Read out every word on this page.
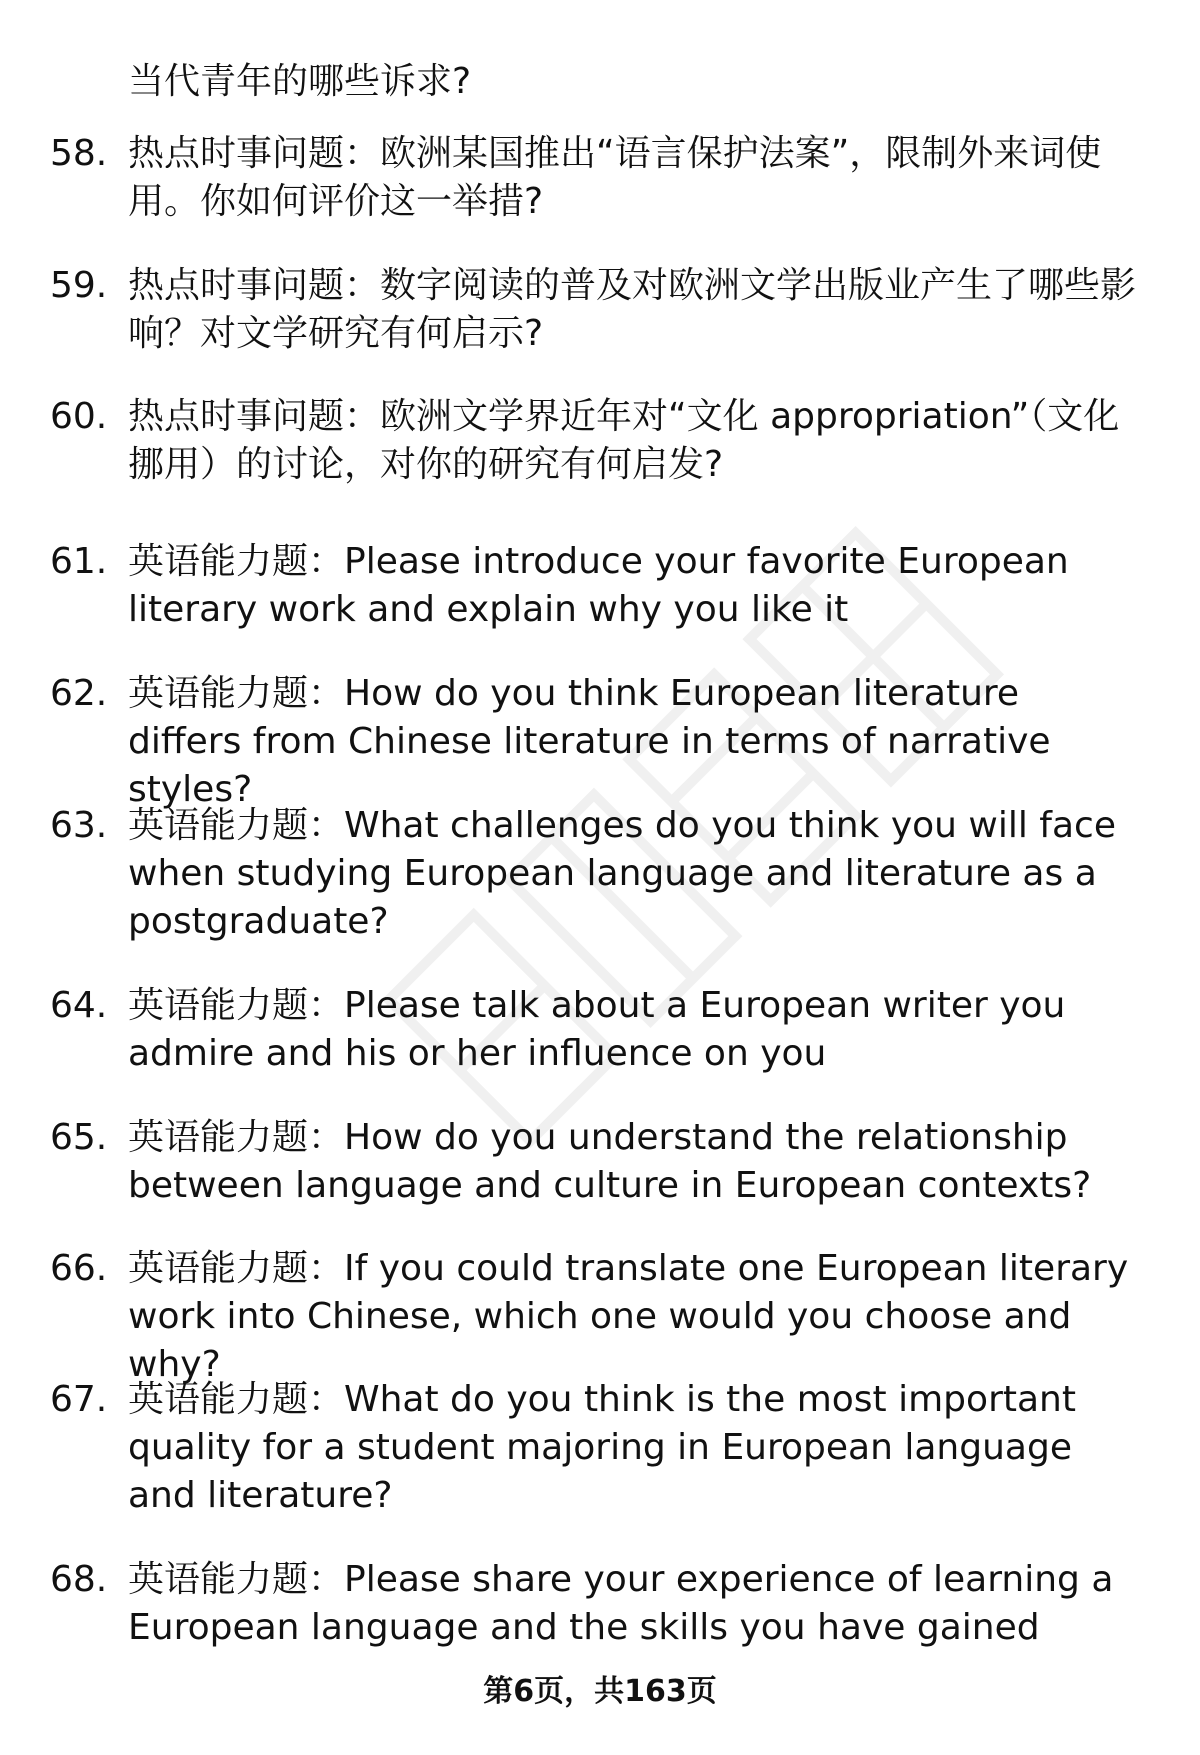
当代青年的哪些诉求?
58. 热点时事问题：欧洲某国推出“语言保护法案”，限制外来词使用。你如何评价这一举措?
59. 热点时事问题：数字阅读的普及对欧洲文学出版业产生了哪些影响？对文学研究有何启示?
60. 热点时事问题：欧洲文学界近年对“文化 appropriation”（文化挪用）的讨论，对你的研究有何启发?
61. 英语能力题：Please introduce your favorite European literary work and explain why you like it
62. 英语能力题：How do you think European literature differs from Chinese literature in terms of narrative styles?
63. 英语能力题：What challenges do you think you will face when studying European language and literature as a postgraduate?
64. 英语能力题：Please talk about a European writer you admire and his or her influence on you
65. 英语能力题：How do you understand the relationship between language and culture in European contexts?
66. 英语能力题：If you could translate one European literary work into Chinese, which one would you choose and why?
67. 英语能力题：What do you think is the most important quality for a student majoring in European language and literature?
68. 英语能力题：Please share your experience of learning a European language and the skills you have gained
第6页，共163页
